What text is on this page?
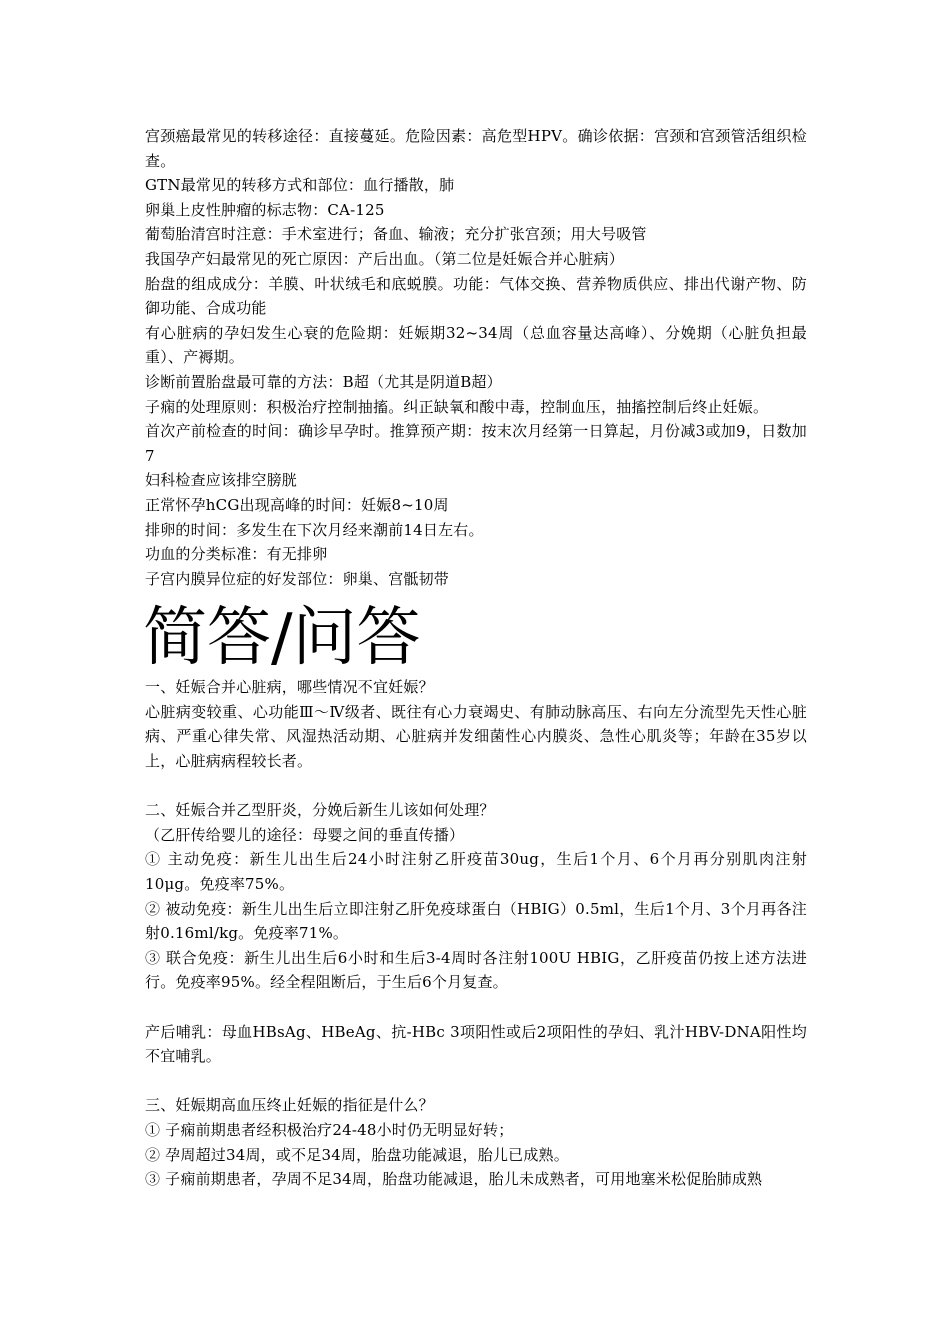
宫颈癌最常见的转移途径：直接蔓延。危险因素：高危型HPV。确诊依据：宫颈和宫颈管活组织检查。

GTN最常见的转移方式和部位：血行播散，肺

卵巢上皮性肿瘤的标志物：CA-125

葡萄胎清宫时注意：手术室进行；备血、输液；充分扩张宫颈；用大号吸管

我国孕产妇最常见的死亡原因：产后出血。（第二位是妊娠合并心脏病）

胎盘的组成成分：羊膜、叶状绒毛和底蜕膜。功能：气体交换、营养物质供应、排出代谢产物、防御功能、合成功能

有心脏病的孕妇发生心衰的危险期：妊娠期32~34周（总血容量达高峰）、分娩期（心脏负担最重）、产褥期。

诊断前置胎盘最可靠的方法：B超（尤其是阴道B超）

子痫的处理原则：积极治疗控制抽搐。纠正缺氧和酸中毒，控制血压，抽搐控制后终止妊娠。

首次产前检查的时间：确诊早孕时。推算预产期：按末次月经第一日算起，月份减3或加9，日数加7

妇科检查应该排空膀胱

正常怀孕hCG出现高峰的时间：妊娠8~10周

排卵的时间：多发生在下次月经来潮前14日左右。

功血的分类标准：有无排卵

子宫内膜异位症的好发部位：卵巢、宫骶韧带

简答/问答

一、妊娠合并心脏病，哪些情况不宜妊娠？

心脏病变较重、心功能Ⅲ～Ⅳ级者、既往有心力衰竭史、有肺动脉高压、右向左分流型先天性心脏病、严重心律失常、风湿热活动期、心脏病并发细菌性心内膜炎、急性心肌炎等；年龄在35岁以上，心脏病病程较长者。

二、妊娠合并乙型肝炎，分娩后新生儿该如何处理？

（乙肝传给婴儿的途径：母婴之间的垂直传播）

① 主动免疫：新生儿出生后24小时注射乙肝疫苗30ug，生后1个月、6个月再分别肌肉注射10μg。免疫率75%。

② 被动免疫：新生儿出生后立即注射乙肝免疫球蛋白（HBIG）0.5ml，生后1个月、3个月再各注射0.16ml/kg。免疫率71%。

③ 联合免疫：新生儿出生后6小时和生后3-4周时各注射100U HBIG，乙肝疫苗仍按上述方法进行。免疫率95%。经全程阻断后，于生后6个月复查。

产后哺乳：母血HBsAg、HBeAg、抗-HBc 3项阳性或后2项阳性的孕妇、乳汁HBV-DNA阳性均不宜哺乳。

三、妊娠期高血压终止妊娠的指征是什么？

① 子痫前期患者经积极治疗24-48小时仍无明显好转；

② 孕周超过34周，或不足34周，胎盘功能减退，胎儿已成熟。

③ 子痫前期患者，孕周不足34周，胎盘功能减退，胎儿未成熟者，可用地塞米松促胎肺成熟
